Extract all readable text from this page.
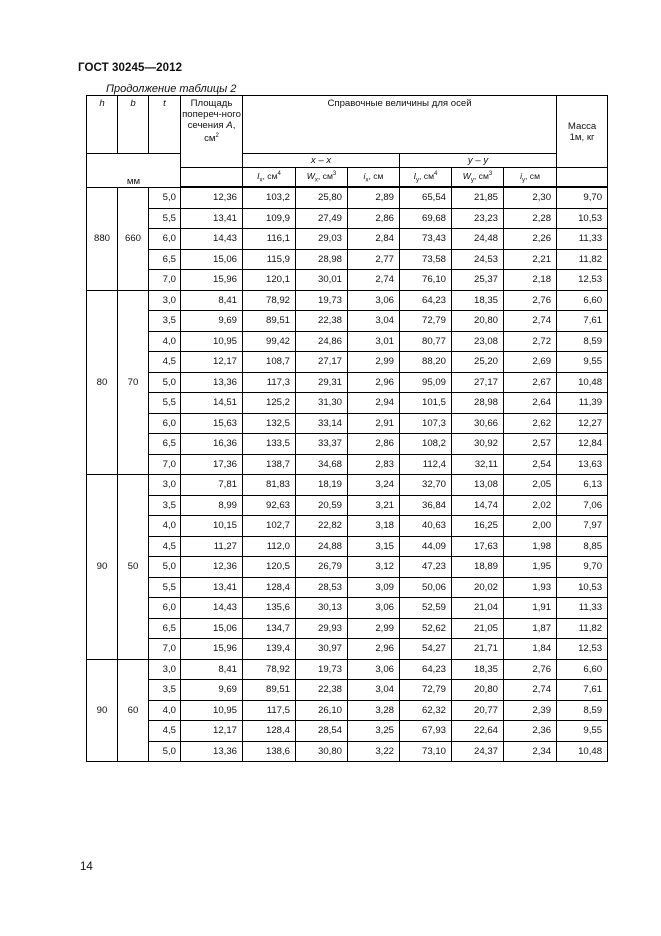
ГОСТ 30245—2012
Продолжение таблицы 2
h	b	t	Площадь попереч-ного сечения A, $см^2$	Справочные величины для осей						Масса
1м, кг
мм				x – x			y – y			
				$I_x$, $см^4$	$W_x$, $см^3$	$i_x$, см	$I_y$, $см^4$	$W_y$, $см^3$	$i_y$, см	
880	660	5,0	12,36	103,2	25,80	2,89	65,54	21,85	2,30	9,70
		5,5	13,41	109,9	27,49	2,86	69,68	23,23	2,28	10,53
		6,0	14,43	116,1	29,03	2,84	73,43	24,48	2,26	11,33
		6,5	15,06	115,9	28,98	2,77	73,58	24,53	2,21	11,82
		7,0	15,96	120,1	30,01	2,74	76,10	25,37	2,18	12,53
80	70	3,0	8,41	78,92	19,73	3,06	64,23	18,35	2,76	6,60
		3,5	9,69	89,51	22,38	3,04	72,79	20,80	2,74	7,61
		4,0	10,95	99,42	24,86	3,01	80,77	23,08	2,72	8,59
		4,5	12,17	108,7	27,17	2,99	88,20	25,20	2,69	9,55
		5,0	13,36	117,3	29,31	2,96	95,09	27,17	2,67	10,48
		5,5	14,51	125,2	31,30	2,94	101,5	28,98	2,64	11,39
		6,0	15,63	132,5	33,14	2,91	107,3	30,66	2,62	12,27
		6,5	16,36	133,5	33,37	2,86	108,2	30,92	2,57	12,84
		7,0	17,36	138,7	34,68	2,83	112,4	32,11	2,54	13,63
90	50	3,0	7,81	81,83	18,19	3,24	32,70	13,08	2,05	6,13
		3,5	8,99	92,63	20,59	3,21	36,84	14,74	2,02	7,06
		4,0	10,15	102,7	22,82	3,18	40,63	16,25	2,00	7,97
		4,5	11,27	112,0	24,88	3,15	44,09	17,63	1,98	8,85
		5,0	12,36	120,5	26,79	3,12	47,23	18,89	1,95	9,70
		5,5	13,41	128,4	28,53	3,09	50,06	20,02	1,93	10,53
		6,0	14,43	135,6	30,13	3,06	52,59	21,04	1,91	11,33
		6,5	15,06	134,7	29,93	2,99	52,62	21,05	1,87	11,82
		7,0	15,96	139,4	30,97	2,96	54,27	21,71	1,84	12,53
90	60	3,0	8,41	78,92	19,73	3,06	64,23	18,35	2,76	6,60
		3,5	9,69	89,51	22,38	3,04	72,79	20,80	2,74	7,61
		4,0	10,95	117,5	26,10	3,28	62,32	20,77	2,39	8,59
		4,5	12,17	128,4	28,54	3,25	67,93	22,64	2,36	9,55
		5,0	13,36	138,6	30,80	3,22	73,10	24,37	2,34	10,48
14
